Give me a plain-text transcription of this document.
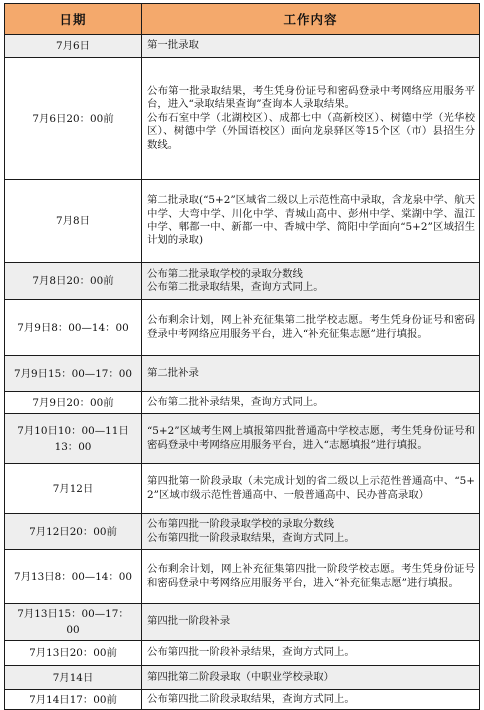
日期	工作内容
7月6日	第一批录取
7月6日20：00前	公布第一批录取结果，考生凭身份证号和密码登录中考网络应用服务平台，进入“录取结果查询”查询本人录取结果。
公布石室中学（北湖校区）、成都七中（高新校区）、树德中学（光华校区）、树德中学（外国语校区）面向龙泉驿区等15个区（市）县招生分数线。
7月8日	第二批录取(“5+2”区域省二级以上示范性高中录取，含龙泉中学、航天中学、大弯中学、川化中学、青城山高中、彭州中学、棠湖中学、温江中学、郫都一中、新都一中、香城中学、简阳中学面向“5+2”区域招生计划的录取)
7月8日20：00前	公布第二批录取学校的录取分数线
公布第二批录取结果，查询方式同上。
7月9日8：00—14：00	公布剩余计划，网上补充征集第二批学校志愿。考生凭身份证号和密码登录中考网络应用服务平台，进入“补充征集志愿”进行填报。
7月9日15：00—17：00	第二批补录
7月9日20：00前	公布第二批补录结果，查询方式同上。
7月10日10：00—11日13：00	“5+2”区域考生网上填报第四批普通高中学校志愿，考生凭身份证号和密码登录中考网络应用服务平台，进入“志愿填报”进行填报。
7月12日	第四批第一阶段录取（未完成计划的省二级以上示范性普通高中、“5+2”区域市级示范性普通高中、一般普通高中、民办普高录取）
7月12日20：00前	公布第四批一阶段录取学校的录取分数线
公布第四批一阶段录取结果，查询方式同上。
7月13日8：00—14：00	公布剩余计划，网上补充征集第四批一阶段学校志愿。考生凭身份证号和密码登录中考网络应用服务平台，进入“补充征集志愿”进行填报。
7月13日15：00—17：00	第四批一阶段补录
7月13日20：00前	公布第四批一阶段补录结果，查询方式同上。
7月14日	第四批第二阶段录取（中职业学校录取）
7月14日17：00前	公布第四批二阶段录取结果，查询方式同上。
